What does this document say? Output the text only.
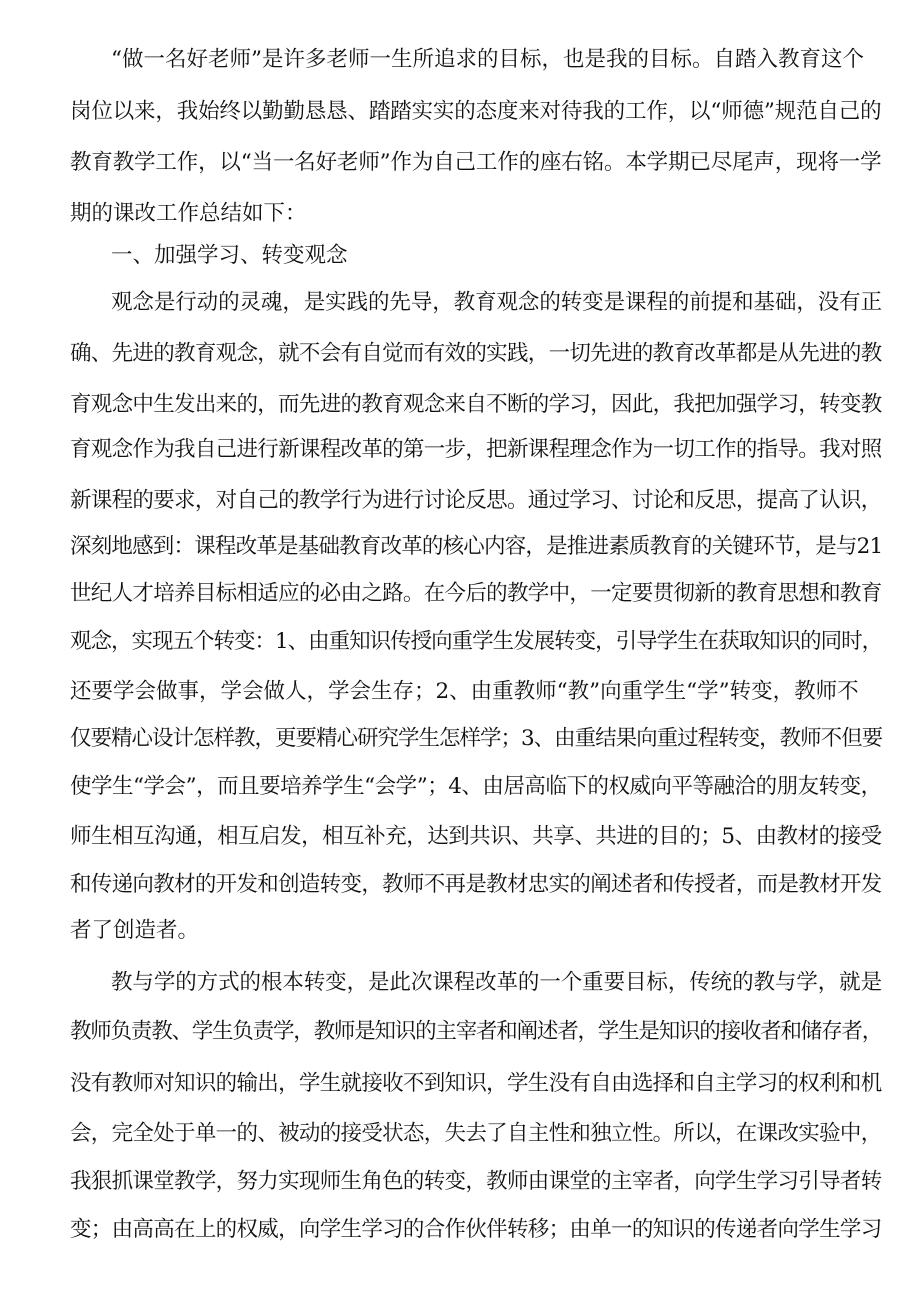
“做一名好老师”是许多老师一生所追求的目标，也是我的目标。自踏入教育这个
岗位以来，我始终以勤勤恳恳、踏踏实实的态度来对待我的工作，以“师德”规范自己的
教育教学工作，以“当一名好老师”作为自己工作的座右铭。本学期已尽尾声，现将一学
期的课改工作总结如下：
一、加强学习、转变观念
观念是行动的灵魂，是实践的先导，教育观念的转变是课程的前提和基础，没有正
确、先进的教育观念，就不会有自觉而有效的实践，一切先进的教育改革都是从先进的教
育观念中生发出来的，而先进的教育观念来自不断的学习，因此，我把加强学习，转变教
育观念作为我自己进行新课程改革的第一步，把新课程理念作为一切工作的指导。我对照
新课程的要求，对自己的教学行为进行讨论反思。通过学习、讨论和反思，提高了认识，
深刻地感到：课程改革是基础教育改革的核心内容，是推进素质教育的关键环节，是与21
世纪人才培养目标相适应的必由之路。在今后的教学中，一定要贯彻新的教育思想和教育
观念，实现五个转变：1、由重知识传授向重学生发展转变，引导学生在获取知识的同时，
还要学会做事，学会做人，学会生存；2、由重教师“教”向重学生“学”转变，教师不
仅要精心设计怎样教，更要精心研究学生怎样学；3、由重结果向重过程转变，教师不但要
使学生“学会”，而且要培养学生“会学”；4、由居高临下的权威向平等融洽的朋友转变，
师生相互沟通，相互启发，相互补充，达到共识、共享、共进的目的；5、由教材的接受
和传递向教材的开发和创造转变，教师不再是教材忠实的阐述者和传授者，而是教材开发
者了创造者。
教与学的方式的根本转变，是此次课程改革的一个重要目标，传统的教与学，就是
教师负责教、学生负责学，教师是知识的主宰者和阐述者，学生是知识的接收者和储存者，
没有教师对知识的输出，学生就接收不到知识，学生没有自由选择和自主学习的权利和机
会，完全处于单一的、被动的接受状态，失去了自主性和独立性。所以，在课改实验中，
我狠抓课堂教学，努力实现师生角色的转变，教师由课堂的主宰者，向学生学习引导者转
变；由高高在上的权威，向学生学习的合作伙伴转移；由单一的知识的传递者向学生学习
